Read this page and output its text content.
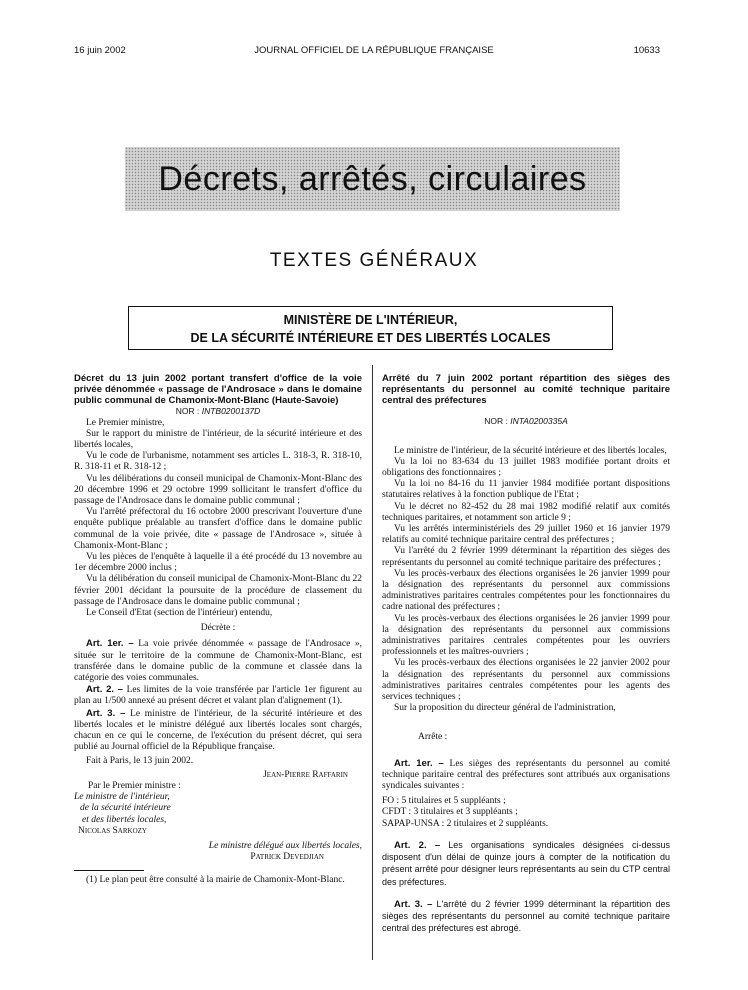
16 juin 2002	JOURNAL OFFICIEL DE LA RÉPUBLIQUE FRANÇAISE	10633
Décrets, arrêtés, circulaires
TEXTES GÉNÉRAUX
MINISTÈRE DE L'INTÉRIEUR,
DE LA SÉCURITÉ INTÉRIEURE ET DES LIBERTÉS LOCALES

Décret du 13 juin 2002 portant transfert d'office de la voie privée dénommée « passage de l'Androsace » dans le domaine public communal de Chamonix-Mont-Blanc (Haute-Savoie)

NOR : INTB0200137D

Le Premier ministre,

Sur le rapport du ministre de l'intérieur, de la sécurité intérieure et des libertés locales,

Vu le code de l'urbanisme, notamment ses articles L. 318-3, R. 318-10, R. 318-11 et R. 318-12 ;

Vu les délibérations du conseil municipal de Chamonix-Mont-Blanc des 20 décembre 1996 et 29 octobre 1999 sollicitant le transfert d'office du passage de l'Androsace dans le domaine public communal ;

Vu l'arrêté préfectoral du 16 octobre 2000 prescrivant l'ouverture d'une enquête publique préalable au transfert d'office dans le domaine public communal de la voie privée, dite « passage de l'Androsace », située à Chamonix-Mont-Blanc ;

Vu les pièces de l'enquête à laquelle il a été procédé du 13 novembre au 1er décembre 2000 inclus ;

Vu la délibération du conseil municipal de Chamonix-Mont-Blanc du 22 février 2001 décidant la poursuite de la procédure de classement du passage de l'Androsace dans le domaine public communal ;

Le Conseil d'Etat (section de l'intérieur) entendu,

Décrète :

Art. 1er. – La voie privée dénommée « passage de l'Androsace », située sur le territoire de la commune de Chamonix-Mont-Blanc, est transférée dans le domaine public de la commune et classée dans la catégorie des voies communales.

Art. 2. – Les limites de la voie transférée par l'article 1er figurent au plan au 1/500 annexé au présent décret et valant plan d'alignement (1).

Art. 3. – Le ministre de l'intérieur, de la sécurité intérieure et des libertés locales et le ministre délégué aux libertés locales sont chargés, chacun en ce qui le concerne, de l'exécution du présent décret, qui sera publié au Journal officiel de la République française.

Fait à Paris, le 13 juin 2002.

Jean-Pierre Raffarin

Par le Premier ministre :

Le ministre de l'intérieur,

de la sécurité intérieure

et des libertés locales,

Nicolas Sarkozy

Le ministre délégué aux libertés locales,

Patrick Devedjian

(1) Le plan peut être consulté à la mairie de Chamonix-Mont-Blanc.

Arrêté du 7 juin 2002 portant répartition des sièges des représentants du personnel au comité technique paritaire central des préfectures

NOR : INTA0200335A

Le ministre de l'intérieur, de la sécurité intérieure et des libertés locales,

Vu la loi no 83-634 du 13 juillet 1983 modifiée portant droits et obligations des fonctionnaires ;

Vu la loi no 84-16 du 11 janvier 1984 modifiée portant dispositions statutaires relatives à la fonction publique de l'Etat ;

Vu le décret no 82-452 du 28 mai 1982 modifié relatif aux comités techniques paritaires, et notamment son article 9 ;

Vu les arrêtés interministériels des 29 juillet 1960 et 16 janvier 1979 relatifs au comité technique paritaire central des préfectures ;

Vu l'arrêté du 2 février 1999 déterminant la répartition des sièges des représentants du personnel au comité technique paritaire des préfectures ;

Vu les procès-verbaux des élections organisées le 26 janvier 1999 pour la désignation des représentants du personnel aux commissions administratives paritaires centrales compétentes pour les fonctionnaires du cadre national des préfectures ;

Vu les procès-verbaux des élections organisées le 26 janvier 1999 pour la désignation des représentants du personnel aux commissions administratives paritaires centrales compétentes pour les ouvriers professionnels et les maîtres-ouvriers ;

Vu les procès-verbaux des élections organisées le 22 janvier 2002 pour la désignation des représentants du personnel aux commissions administratives paritaires centrales compétentes pour les agents des services techniques ;

Sur la proposition du directeur général de l'administration,

Arrête :

Art. 1er. – Les sièges des représentants du personnel au comité technique paritaire central des préfectures sont attribués aux organisations syndicales suivantes :

FO : 5 titulaires et 5 suppléants ;

CFDT : 3 titulaires et 3 suppléants ;

SAPAP-UNSA : 2 titulaires et 2 suppléants.

Art. 2. – Les organisations syndicales désignées ci-dessus disposent d'un délai de quinze jours à compter de la notification du présent arrêté pour désigner leurs représentants au sein du CTP central des préfectures.

Art. 3. – L'arrêté du 2 février 1999 déterminant la répartition des sièges des représentants du personnel au comité technique paritaire central des préfectures est abrogé.
